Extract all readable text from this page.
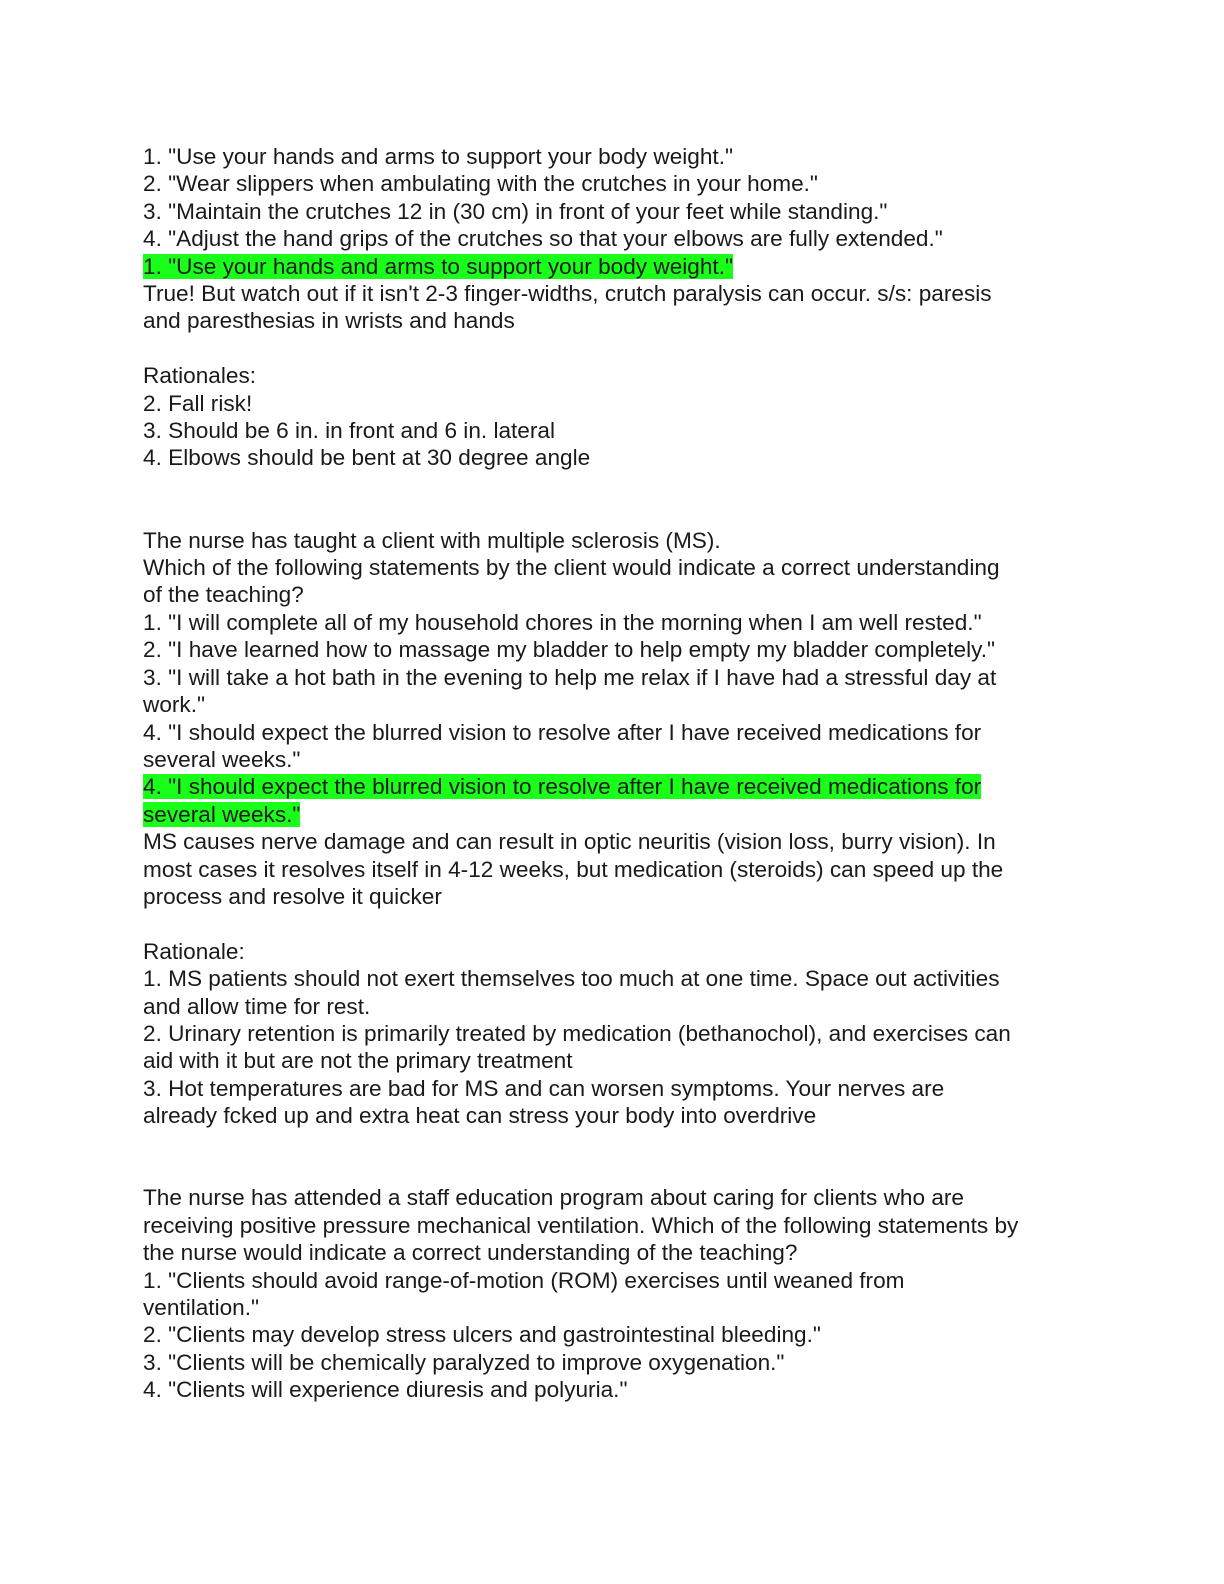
1. "Use your hands and arms to support your body weight."
2. "Wear slippers when ambulating with the crutches in your home."
3. "Maintain the crutches 12 in (30 cm) in front of your feet while standing."
4. "Adjust the hand grips of the crutches so that your elbows are fully extended."
1. "Use your hands and arms to support your body weight."
True! But watch out if it isn't 2-3 finger-widths, crutch paralysis can occur. s/s: paresis
and paresthesias in wrists and hands
Rationales:
2. Fall risk!
3. Should be 6 in. in front and 6 in. lateral
4. Elbows should be bent at 30 degree angle
The nurse has taught a client with multiple sclerosis (MS).
Which of the following statements by the client would indicate a correct understanding
of the teaching?
1. "I will complete all of my household chores in the morning when I am well rested."
2. "I have learned how to massage my bladder to help empty my bladder completely."
3. "I will take a hot bath in the evening to help me relax if I have had a stressful day at
work."
4. "I should expect the blurred vision to resolve after I have received medications for
several weeks."
4. "I should expect the blurred vision to resolve after I have received medications for
several weeks."
MS causes nerve damage and can result in optic neuritis (vision loss, burry vision). In
most cases it resolves itself in 4-12 weeks, but medication (steroids) can speed up the
process and resolve it quicker
Rationale:
1. MS patients should not exert themselves too much at one time. Space out activities
and allow time for rest.
2. Urinary retention is primarily treated by medication (bethanochol), and exercises can
aid with it but are not the primary treatment
3. Hot temperatures are bad for MS and can worsen symptoms. Your nerves are
already fcked up and extra heat can stress your body into overdrive
The nurse has attended a staff education program about caring for clients who are
receiving positive pressure mechanical ventilation. Which of the following statements by
the nurse would indicate a correct understanding of the teaching?
1. "Clients should avoid range-of-motion (ROM) exercises until weaned from
ventilation."
2. "Clients may develop stress ulcers and gastrointestinal bleeding."
3. "Clients will be chemically paralyzed to improve oxygenation."
4. "Clients will experience diuresis and polyuria."
